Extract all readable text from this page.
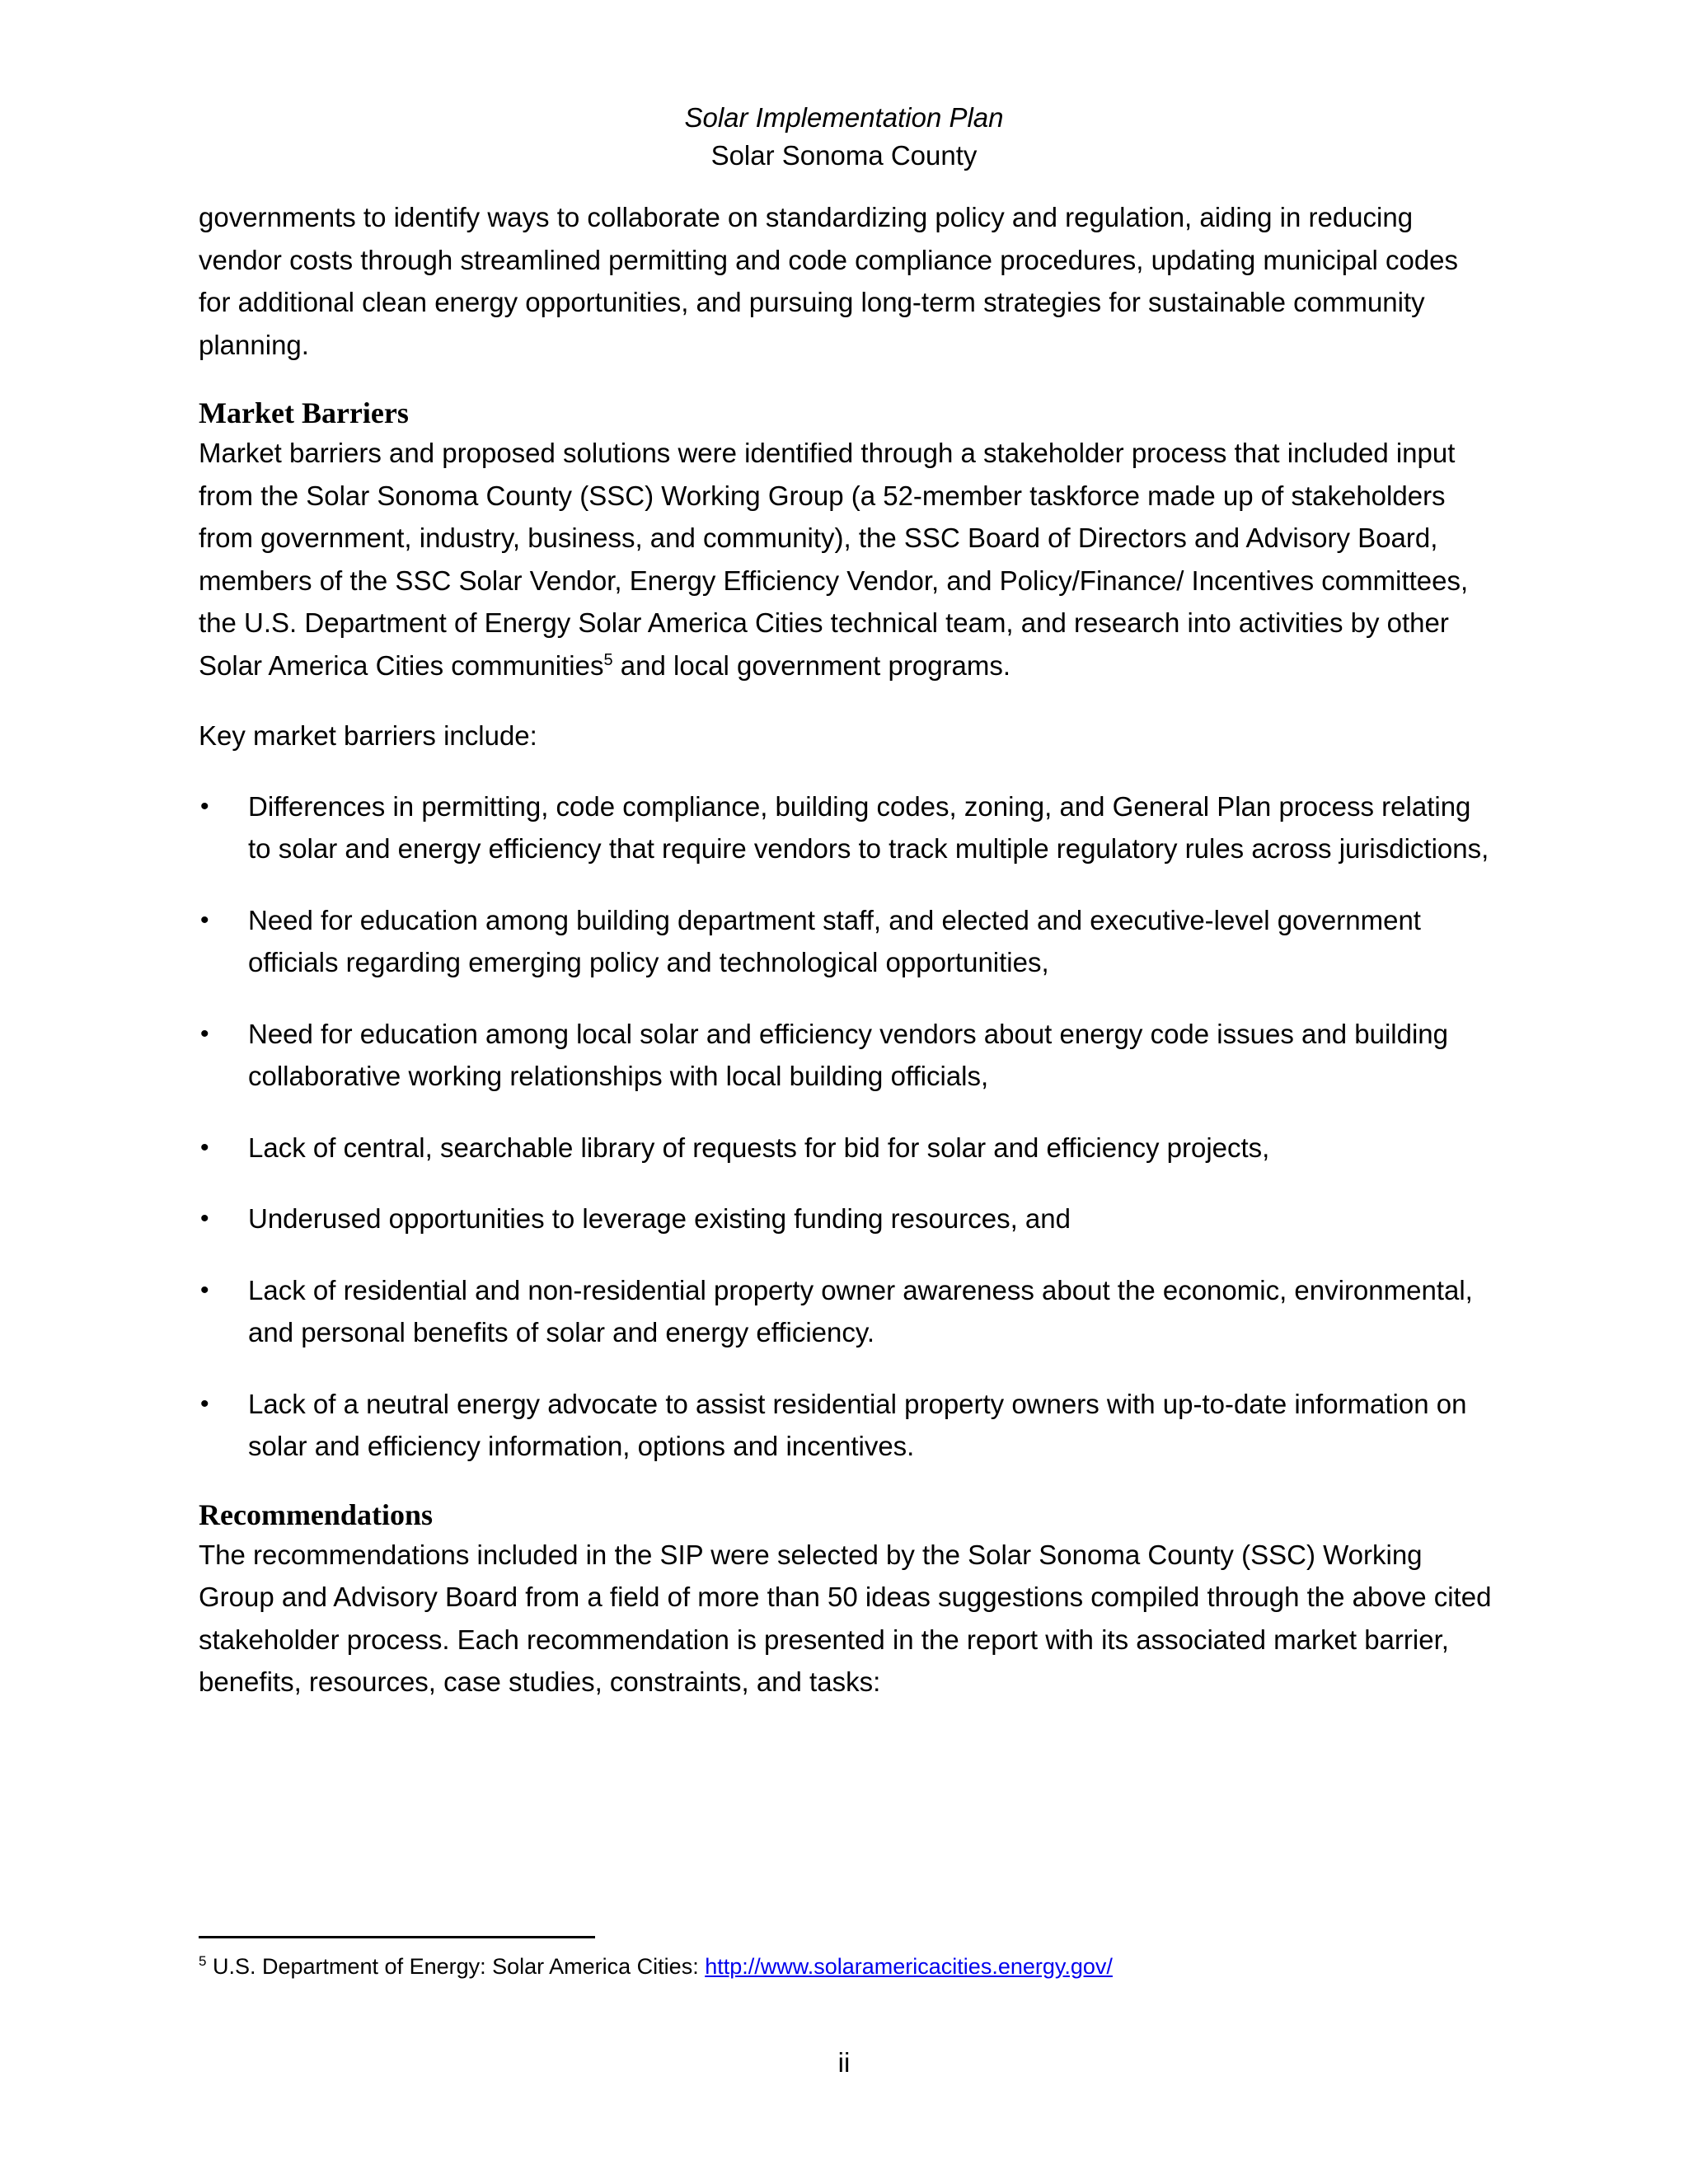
Solar Implementation Plan
Solar Sonoma County

governments to identify ways to collaborate on standardizing policy and regulation, aiding in reducing vendor costs through streamlined permitting and code compliance procedures, updating municipal codes for additional clean energy opportunities, and pursuing long-term strategies for sustainable community planning.

Market Barriers

Market barriers and proposed solutions were identified through a stakeholder process that included input from the Solar Sonoma County (SSC) Working Group (a 52-member taskforce made up of stakeholders from government, industry, business, and community), the SSC Board of Directors and Advisory Board, members of the SSC Solar Vendor, Energy Efficiency Vendor, and Policy/Finance/ Incentives committees, the U.S. Department of Energy Solar America Cities technical team, and research into activities by other Solar America Cities communities$^5$ and local government programs.

Key market barriers include:

• Differences in permitting, code compliance, building codes, zoning, and General Plan process relating to solar and energy efficiency that require vendors to track multiple regulatory rules across jurisdictions,
• Need for education among building department staff, and elected and executive-level government officials regarding emerging policy and technological opportunities,
• Need for education among local solar and efficiency vendors about energy code issues and building collaborative working relationships with local building officials,
• Lack of central, searchable library of requests for bid for solar and efficiency projects,
• Underused opportunities to leverage existing funding resources, and
• Lack of residential and non-residential property owner awareness about the economic, environmental, and personal benefits of solar and energy efficiency.
• Lack of a neutral energy advocate to assist residential property owners with up-to-date information on solar and efficiency information, options and incentives.
Recommendations

The recommendations included in the SIP were selected by the Solar Sonoma County (SSC) Working Group and Advisory Board from a field of more than 50 ideas suggestions compiled through the above cited stakeholder process. Each recommendation is presented in the report with its associated market barrier, benefits, resources, case studies, constraints, and tasks:

$^5$ U.S. Department of Energy: Solar America Cities: http://www.solaramericacities.energy.gov/
ii
